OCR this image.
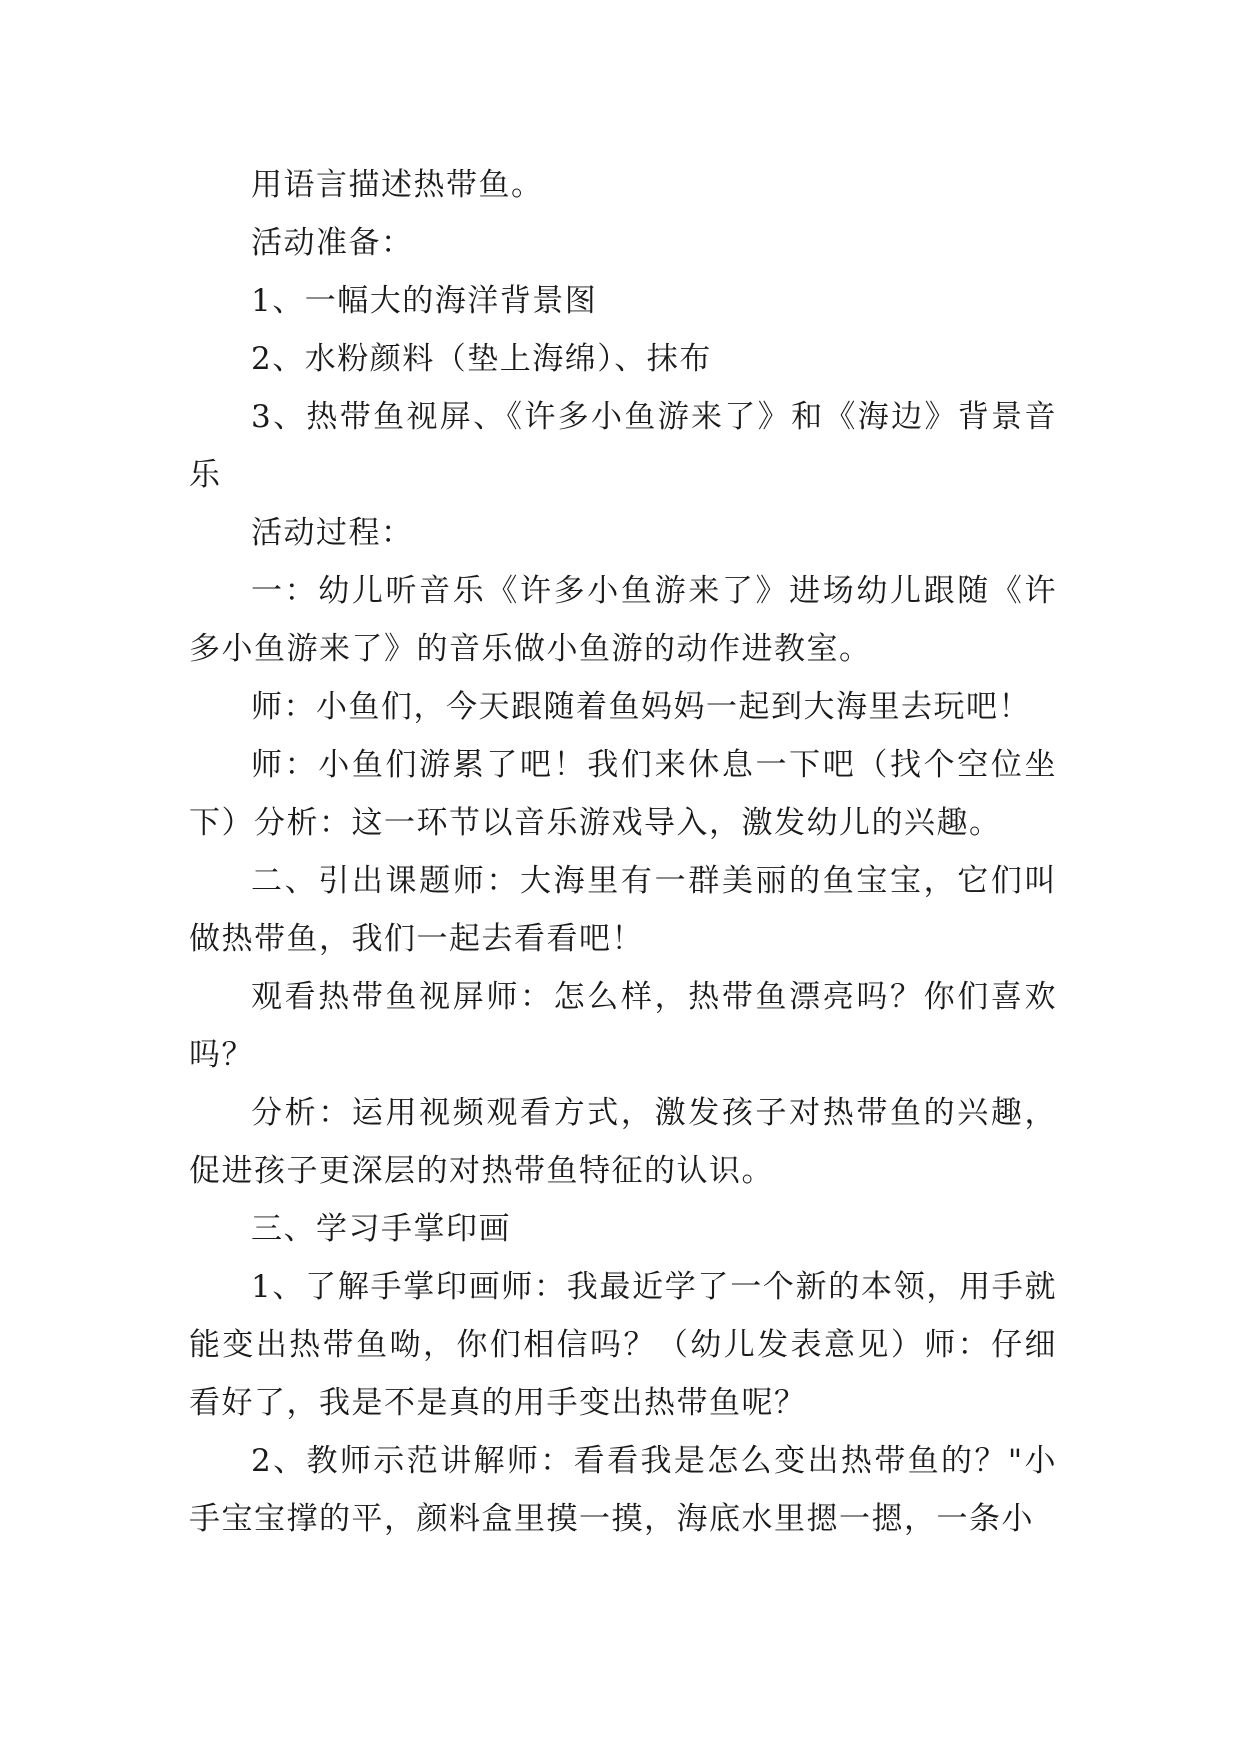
用语言描述热带鱼。

活动准备：

1、一幅大的海洋背景图

2、水粉颜料（垫上海绵）、抹布

3、热带鱼视屏、《许多小鱼游来了》和《海边》背景音乐

活动过程：

一：幼儿听音乐《许多小鱼游来了》进场幼儿跟随《许多小鱼游来了》的音乐做小鱼游的动作进教室。

师：小鱼们，今天跟随着鱼妈妈一起到大海里去玩吧！

师：小鱼们游累了吧！我们来休息一下吧（找个空位坐下）分析：这一环节以音乐游戏导入，激发幼儿的兴趣。

二、引出课题师：大海里有一群美丽的鱼宝宝，它们叫做热带鱼，我们一起去看看吧！

观看热带鱼视屏师：怎么样，热带鱼漂亮吗？你们喜欢吗？

分析：运用视频观看方式，激发孩子对热带鱼的兴趣，促进孩子更深层的对热带鱼特征的认识。

三、学习手掌印画

1、了解手掌印画师：我最近学了一个新的本领，用手就能变出热带鱼呦，你们相信吗？（幼儿发表意见）师：仔细看好了，我是不是真的用手变出热带鱼呢？

2、教师示范讲解师：看看我是怎么变出热带鱼的？"小手宝宝撑的平，颜料盒里摸一摸，海底水里摁一摁，一条小
